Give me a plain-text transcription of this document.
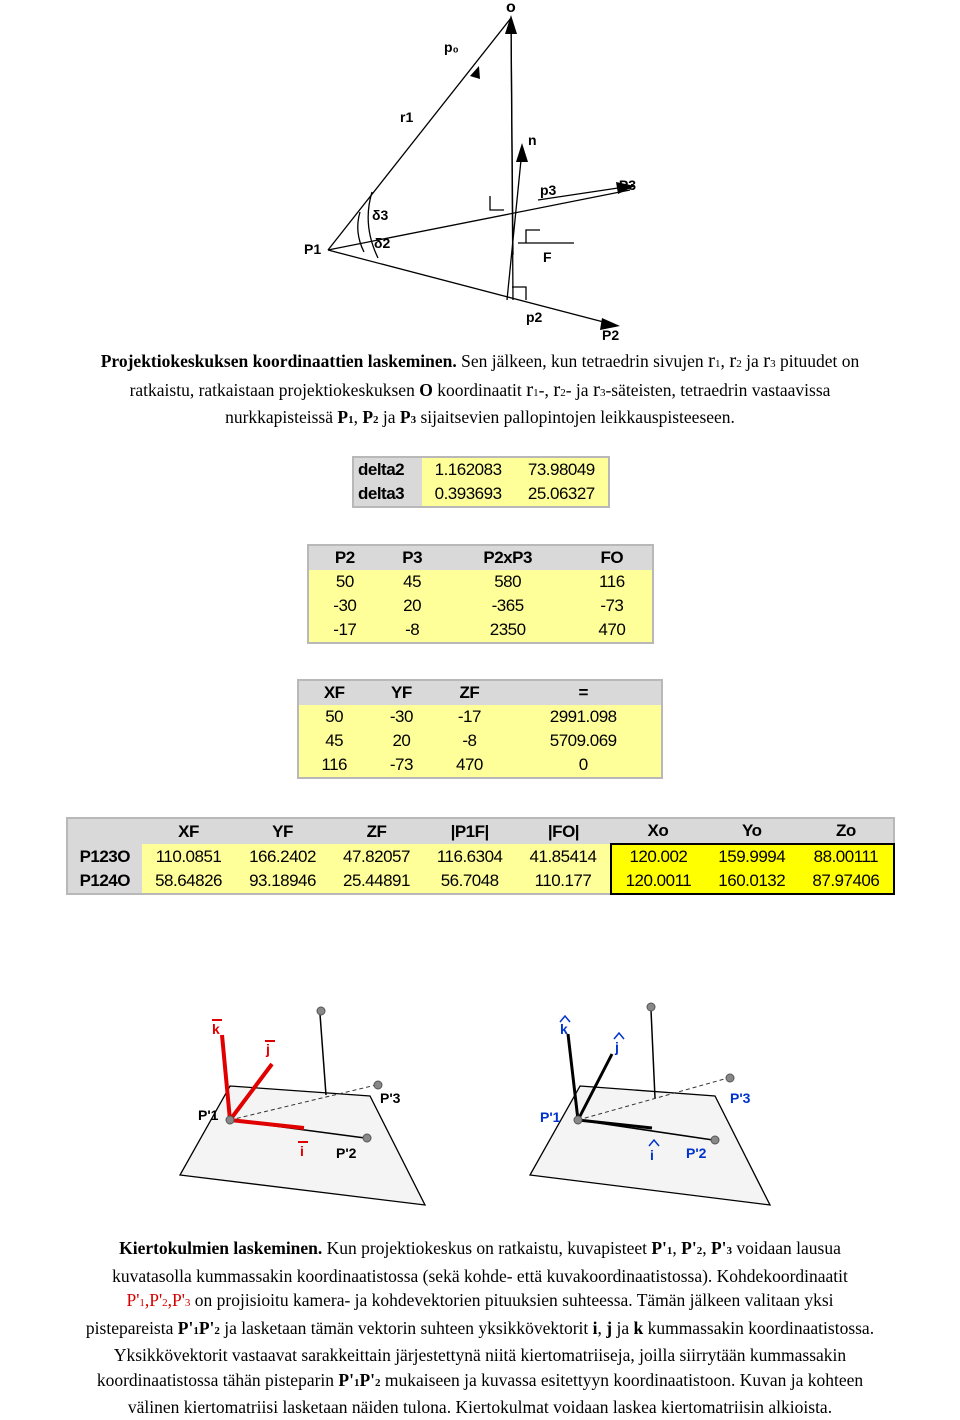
o
p₀
r1
n
p3	P3
δ3
δ2
P1	F
p2
P2
Projektiokeskuksen koordinaattien laskeminen. Sen jälkeen, kun tetraedrin sivujen r1, r2 ja r3 pituudet on
ratkaistu, ratkaistaan projektiokeskuksen O koordinaatit r1-, r2- ja r3-säteisten, tetraedrin vastaavissa
nurkkapisteissä P1, P2 ja P3 sijaitsevien pallopintojen leikkauspisteeseen.
delta2	1.162083	73.98049
delta3	0.393693	25.06327
P2	P3	P2xP3	FO
50	45	580	116
-30	20	-365	-73
-17	-8	2350	470
XF	YF	ZF	=
50	-30	-17	2991.098
45	20	-8	5709.069
116	-73	470	0
	XF	YF	ZF	|P1F|	|FO|	Xo	Yo	Zo
P123O	110.0851	166.2402	47.82057	116.6304	41.85414	120.002	159.9994	88.00111
P124O	58.64826	93.18946	25.44891	56.7048	110.177	120.0011	160.0132	87.97406
k
j
i
P'1
P'2
P'3
k
j
i
P'1
P'2
P'3
Kiertokulmien laskeminen. Kun projektiokeskus on ratkaistu, kuvapisteet P'1, P'2, P'3 voidaan lausua
kuvatasolla kummassakin koordinaatistossa (sekä kohde- että kuvakoordinaatistossa). Kohdekoordinaatit
P'1,P'2,P'3 on projisioitu kamera- ja kohdevektorien pituuksien suhteessa. Tämän jälkeen valitaan yksi
pistepareista P'1P'2 ja lasketaan tämän vektorin suhteen yksikkövektorit i, j ja k kummassakin koordinaatistossa.
Yksikkövektorit vastaavat sarakkeittain järjestettynä niitä kiertomatriiseja, joilla siirrytään kummassakin
koordinaatistossa tähän pisteparin P'1P'2 mukaiseen ja kuvassa esitettyyn koordinaatistoon. Kuvan ja kohteen
välinen kiertomatriisi lasketaan näiden tulona. Kiertokulmat voidaan laskea kiertomatriisin alkioista.
